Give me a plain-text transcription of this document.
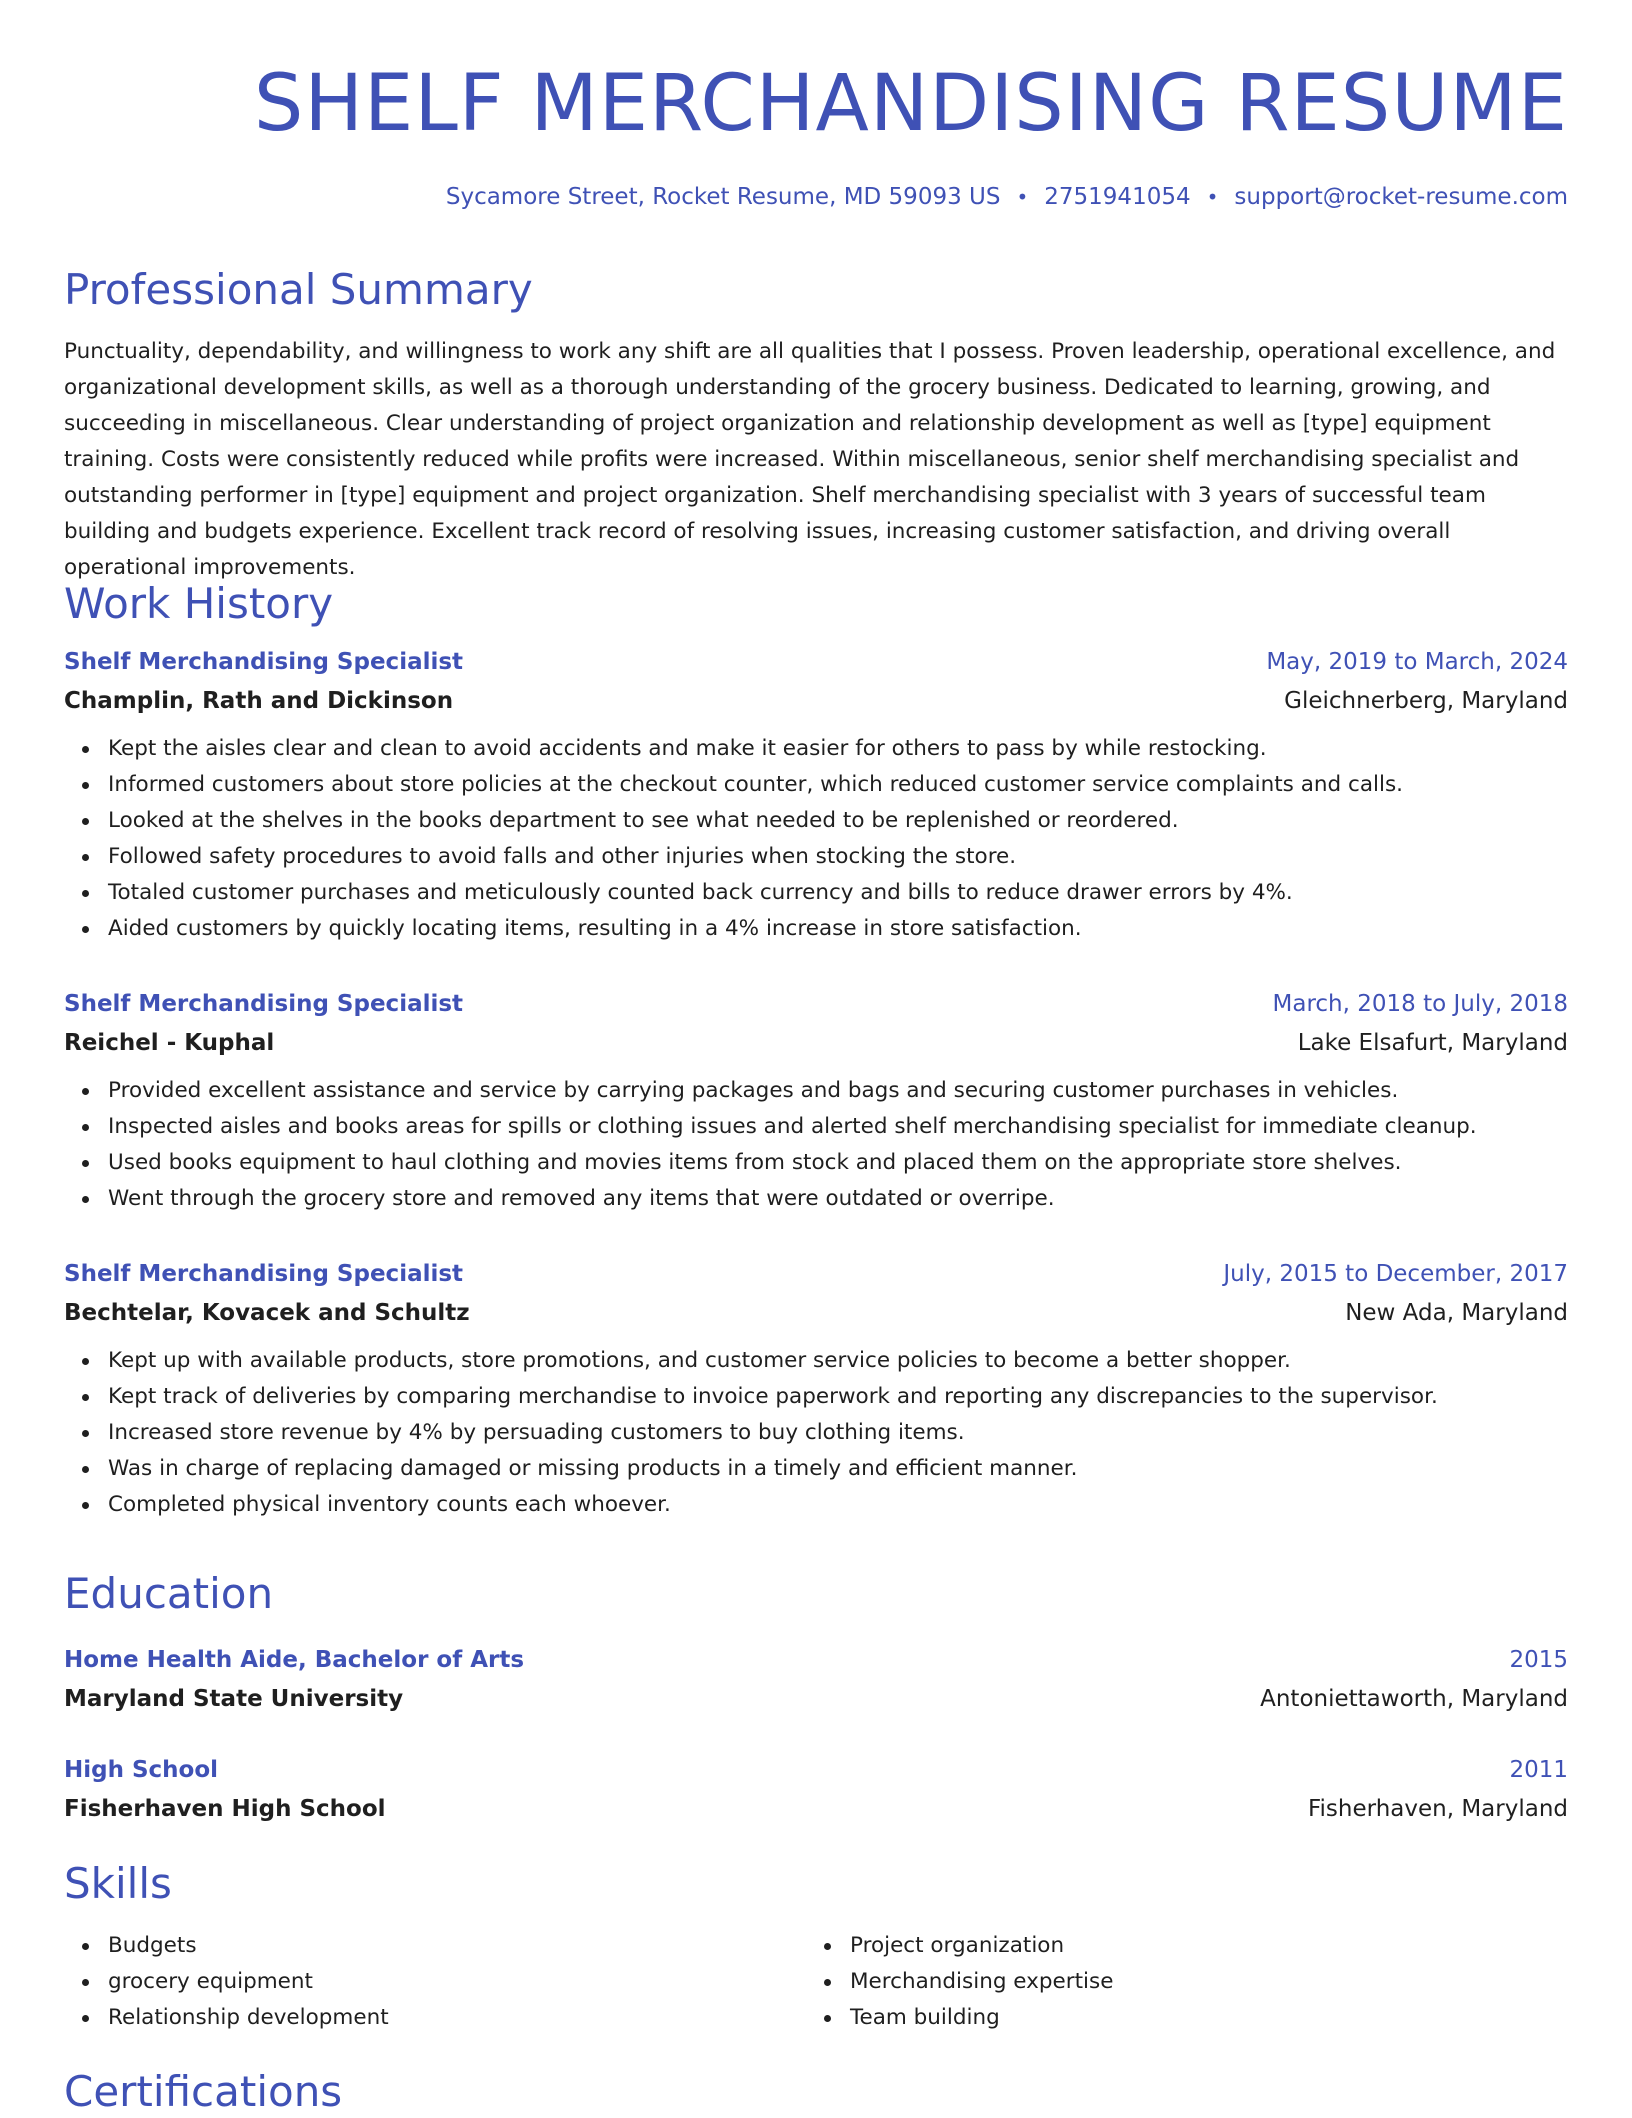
SHELF MERCHANDISING RESUME
Sycamore Street, Rocket Resume, MD 59093 US • 2751941054 • support@rocket-resume.com
Professional Summary

Punctuality, dependability, and willingness to work any shift are all qualities that I possess. Proven leadership, operational excellence, and organizational development skills, as well as a thorough understanding of the grocery business. Dedicated to learning, growing, and succeeding in miscellaneous. Clear understanding of project organization and relationship development as well as [type] equipment training. Costs were consistently reduced while profits were increased. Within miscellaneous, senior shelf merchandising specialist and outstanding performer in [type] equipment and project organization. Shelf merchandising specialist with 3 years of successful team building and budgets experience. Excellent track record of resolving issues, increasing customer satisfaction, and driving overall operational improvements.

Work History
Shelf Merchandising Specialist	May, 2019 to March, 2024
Champlin, Rath and Dickinson	Gleichnerberg, Maryland
Kept the aisles clear and clean to avoid accidents and make it easier for others to pass by while restocking.
Informed customers about store policies at the checkout counter, which reduced customer service complaints and calls.
Looked at the shelves in the books department to see what needed to be replenished or reordered.
Followed safety procedures to avoid falls and other injuries when stocking the store.
Totaled customer purchases and meticulously counted back currency and bills to reduce drawer errors by 4%.
Aided customers by quickly locating items, resulting in a 4% increase in store satisfaction.
Shelf Merchandising Specialist	March, 2018 to July, 2018
Reichel - Kuphal	Lake Elsafurt, Maryland
Provided excellent assistance and service by carrying packages and bags and securing customer purchases in vehicles.
Inspected aisles and books areas for spills or clothing issues and alerted shelf merchandising specialist for immediate cleanup.
Used books equipment to haul clothing and movies items from stock and placed them on the appropriate store shelves.
Went through the grocery store and removed any items that were outdated or overripe.
Shelf Merchandising Specialist	July, 2015 to December, 2017
Bechtelar, Kovacek and Schultz	New Ada, Maryland
Kept up with available products, store promotions, and customer service policies to become a better shopper.
Kept track of deliveries by comparing merchandise to invoice paperwork and reporting any discrepancies to the supervisor.
Increased store revenue by 4% by persuading customers to buy clothing items.
Was in charge of replacing damaged or missing products in a timely and efficient manner.
Completed physical inventory counts each whoever.
Education
Home Health Aide, Bachelor of Arts	2015
Maryland State University	Antoniettaworth, Maryland
High School	2011
Fisherhaven High School	Fisherhaven, Maryland
Skills
Budgets
grocery equipment
Relationship development
Project organization
Merchandising expertise
Team building
Certifications
